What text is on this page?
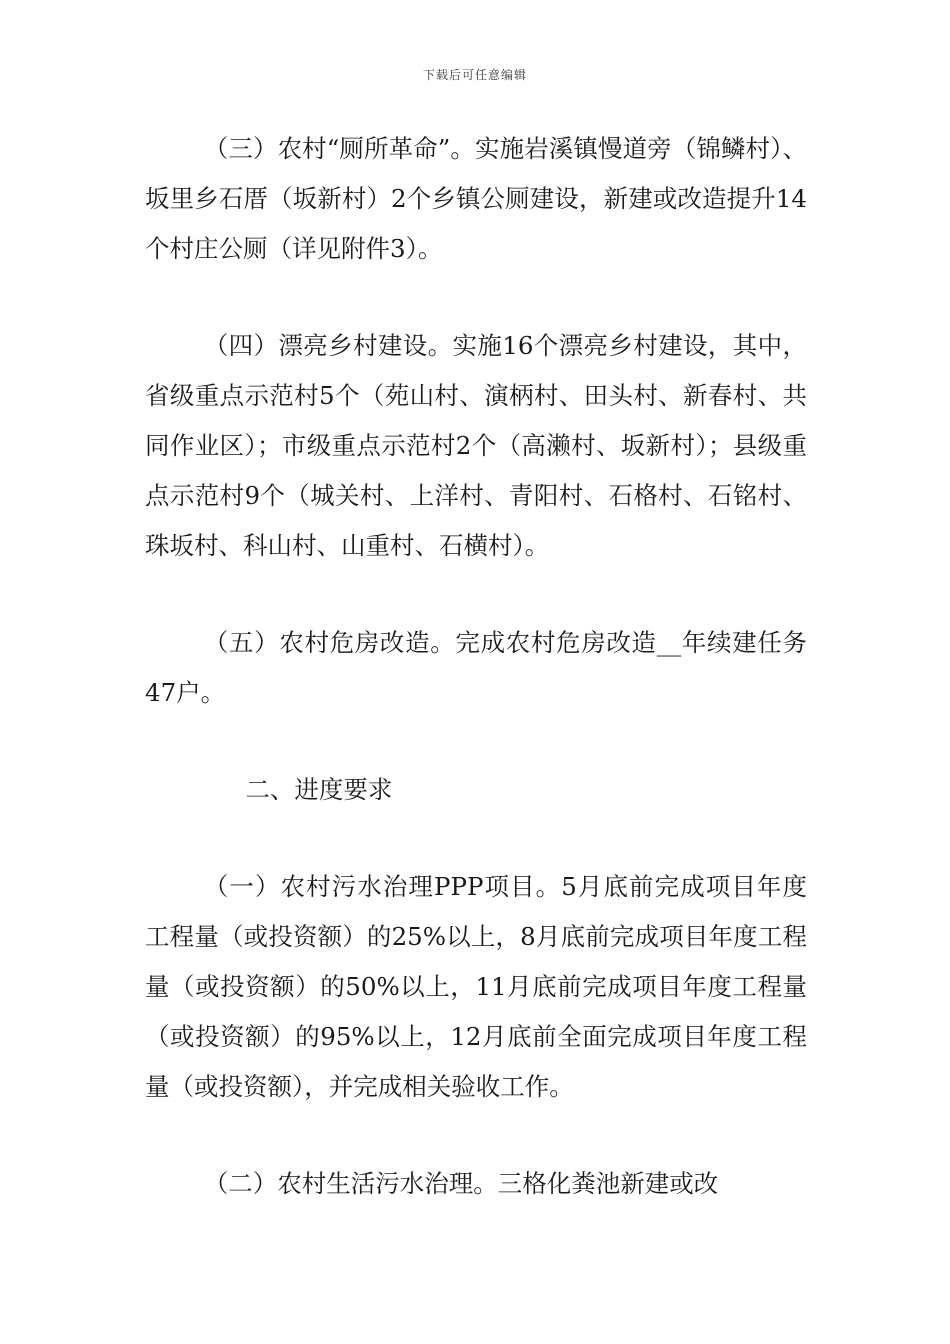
下载后可任意编辑

（三）农村“厕所革命”。实施岩溪镇慢道旁（锦鳞村）、坂里乡石厝（坂新村）2个乡镇公厕建设，新建或改造提升14个村庄公厕（详见附件3）。

（四）漂亮乡村建设。实施16个漂亮乡村建设，其中，省级重点示范村5个（苑山村、演柄村、田头村、新春村、共同作业区）；市级重点示范村2个（高濑村、坂新村）；县级重点示范村9个（城关村、上洋村、青阳村、石格村、石铭村、珠坂村、科山村、山重村、石横村）。

（五）农村危房改造。完成农村危房改造__年续建任务47户。

二、进度要求

（一）农村污水治理PPP项目。5月底前完成项目年度工程量（或投资额）的25%以上，8月底前完成项目年度工程量（或投资额）的50%以上，11月底前完成项目年度工程量（或投资额）的95%以上，12月底前全面完成项目年度工程量（或投资额），并完成相关验收工作。

（二）农村生活污水治理。三格化粪池新建或改
